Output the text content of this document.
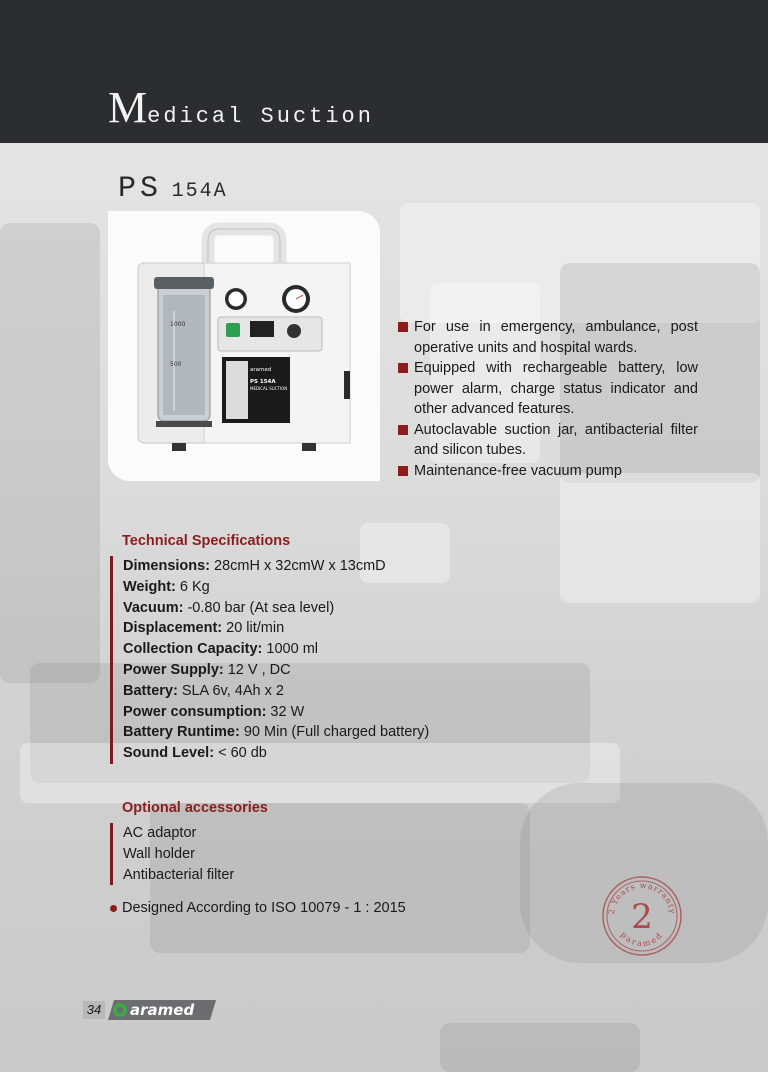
Medical Suction
PS 154A
1000
500
aramed
PS 154A
MEDICAL SUCTION
For use in emergency, ambulance, post operative units and hospital wards.
Equipped with rechargeable battery, low power alarm, charge status indicator and other advanced features.
Autoclavable suction jar, antibacterial filter and silicon tubes.
Maintenance-free vacuum pump
Technical Specifications
Dimensions: 28cmH x 32cmW x 13cmD
Weight: 6 Kg
Vacuum: -0.80 bar (At sea level)
Displacement: 20 lit/min
Collection Capacity: 1000 ml
Power Supply: 12 V , DC
Battery: SLA 6v, 4Ah x 2
Power consumption: 32 W
Battery Runtime: 90 Min (Full charged battery)
Sound Level: < 60 db
Optional accessories
AC adaptor
Wall holder
Antibacterial filter
Designed According to ISO 10079 - 1 : 2015	2 Years warranty
paramed
2
34 aramed
